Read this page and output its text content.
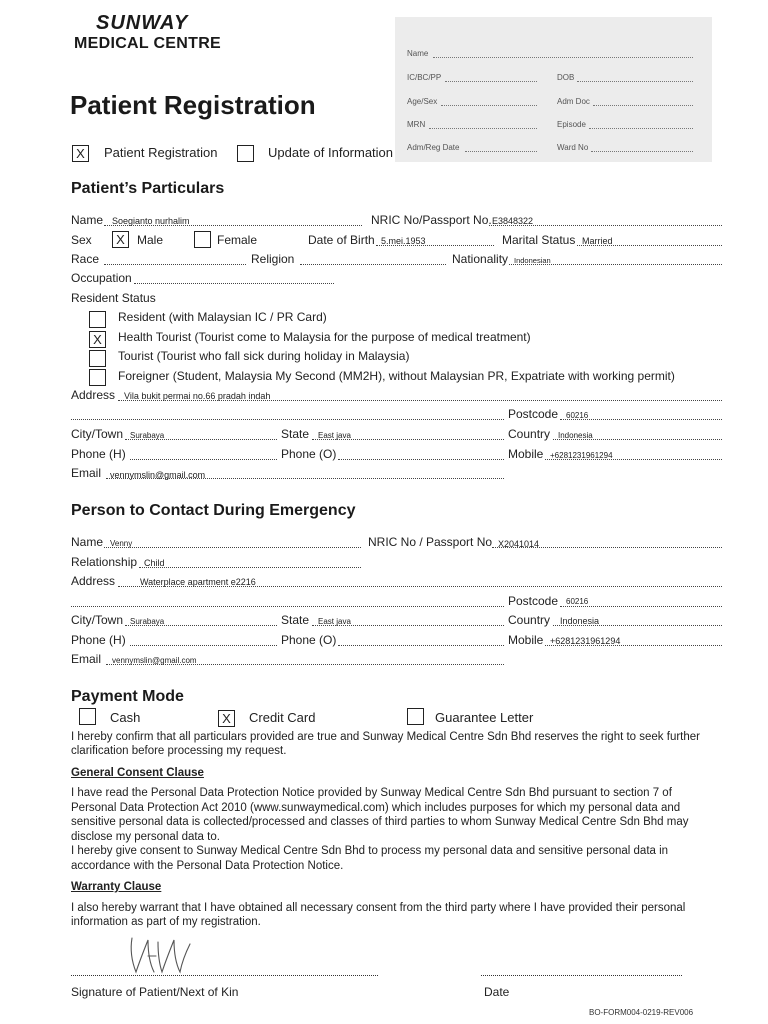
SUNWAY
MEDICAL CENTRE
Patient Registration
Name
IC/BC/PP	DOB
Age/Sex	Adm Doc
MRN	Episode
Adm/Reg Date	Ward No
X	Patient Registration	Update of Information
Patient’s Particulars
Name Soegianto nurhalim	NRIC No/Passport No. E3848322
Sex	X	Male	Female	Date of Birth 5.mei.1953	Marital Status Married
Race	Religion	Nationality Indonesian
Occupation
Resident Status
Resident (with Malaysian IC / PR Card)
X	Health Tourist (Tourist come to Malaysia for the purpose of medical treatment)
Tourist (Tourist who fall sick during holiday in Malaysia)
Foreigner (Student, Malaysia My Second (MM2H), without Malaysian PR, Expatriate with working permit)
Address Vila bukit permai no.66 pradah indah
Postcode 60216
City/Town Surabaya	State East java	Country Indonesia
Phone (H)	Phone (O)	Mobile +6281231961294
Email vennymslin@gmail.com
Person to Contact During Emergency
Name Venny	NRIC No / Passport No X2041014
Relationship Child
Address	Waterplace apartment e2216
Postcode 60216
City/Town Surabaya	State East java	Country Indonesia
Phone (H)	Phone (O)	Mobile +6281231961294
Email vennymslin@gmail.com
Payment Mode
Cash	X	Credit Card	Guarantee Letter
I hereby confirm that all particulars provided are true and Sunway Medical Centre Sdn Bhd reserves the right to seek further
clarification before processing my request.
General Consent Clause
I have read the Personal Data Protection Notice provided by Sunway Medical Centre Sdn Bhd pursuant to section 7 of
Personal Data Protection Act 2010 (www.sunwaymedical.com) which includes purposes for which my personal data and
sensitive personal data is collected/processed and classes of third parties to whom Sunway Medical Centre Sdn Bhd may
disclose my personal data to.
I hereby give consent to Sunway Medical Centre Sdn Bhd to process my personal data and sensitive personal data in
accordance with the Personal Data Protection Notice.
Warranty Clause
I also hereby warrant that I have obtained all necessary consent from the third party where I have provided their personal
information as part of my registration.
Signature of Patient/Next of Kin	Date
BO-FORM004-0219-REV006
